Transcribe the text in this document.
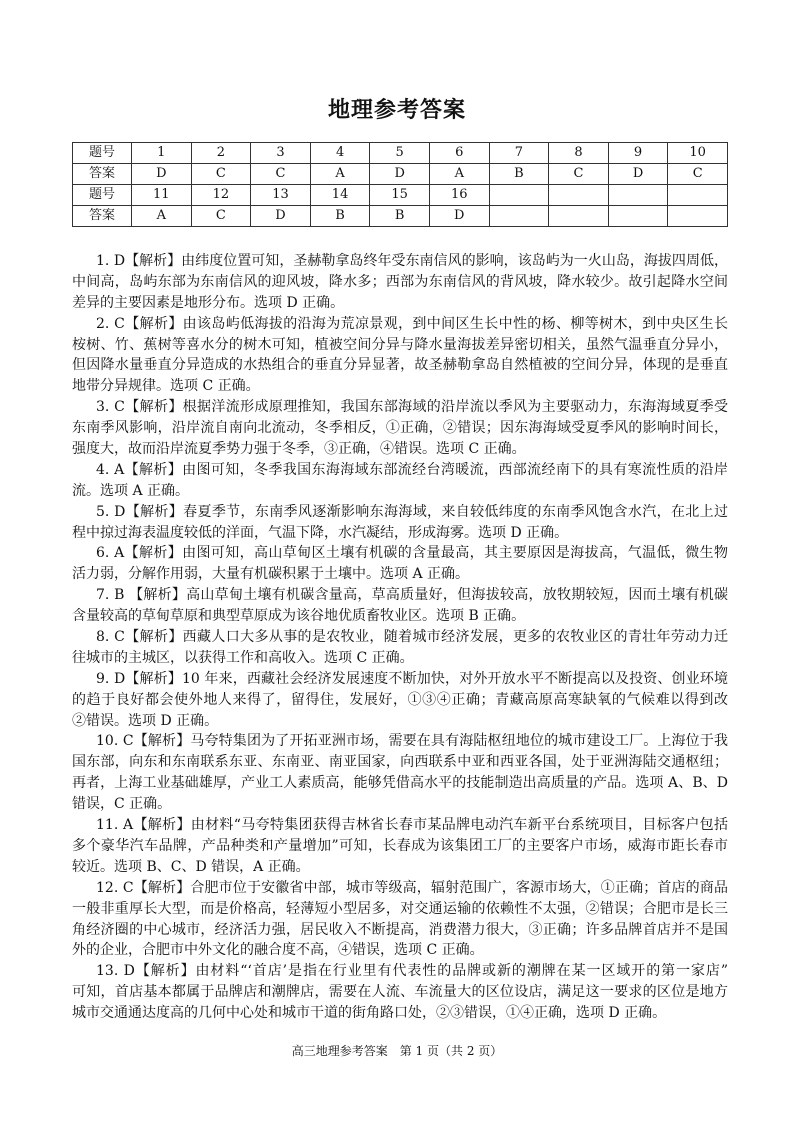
地理参考答案
题号	1	2	3	4	5	6	7	8	9	10
答案	D	C	C	A	D	A	B	C	D	C
题号	11	12	13	14	15	16				
答案	A	C	D	B	B	D				
1. D【解析】由纬度位置可知，圣赫勒拿岛终年受东南信风的影响，该岛屿为一火山岛，海拔四周低，
中间高，岛屿东部为东南信风的迎风坡，降水多；西部为东南信风的背风坡，降水较少。故引起降水空间
差异的主要因素是地形分布。选项 D 正确。
2. C【解析】由该岛屿低海拔的沿海为荒凉景观，到中间区生长中性的杨、柳等树木，到中央区生长
桉树、竹、蕉树等喜水分的树木可知，植被空间分异与降水量海拔差异密切相关，虽然气温垂直分异小，
但因降水量垂直分异造成的水热组合的垂直分异显著，故圣赫勒拿岛自然植被的空间分异，体现的是垂直
地带分异规律。选项 C 正确。
3. C【解析】根据洋流形成原理推知，我国东部海域的沿岸流以季风为主要驱动力，东海海域夏季受
东南季风影响，沿岸流自南向北流动，冬季相反，①正确，②错误；因东海海域受夏季风的影响时间长，
强度大，故而沿岸流夏季势力强于冬季，③正确，④错误。选项 C 正确。
4. A【解析】由图可知，冬季我国东海海域东部流经台湾暖流，西部流经南下的具有寒流性质的沿岸
流。选项 A 正确。
5. D【解析】春夏季节，东南季风逐渐影响东海海域，来自较低纬度的东南季风饱含水汽，在北上过
程中掠过海表温度较低的洋面，气温下降，水汽凝结，形成海雾。选项 D 正确。
6. A【解析】由图可知，高山草甸区土壤有机碳的含量最高，其主要原因是海拔高，气温低，微生物
活力弱，分解作用弱，大量有机碳积累于土壤中。选项 A 正确。
7. B 【解析】高山草甸土壤有机碳含量高，草高质量好，但海拔较高，放牧期较短，因而土壤有机碳
含量较高的草甸草原和典型草原成为该谷地优质畜牧业区。选项 B 正确。
8. C【解析】西藏人口大多从事的是农牧业，随着城市经济发展，更多的农牧业区的青壮年劳动力迁
往城市的主城区，以获得工作和高收入。选项 C 正确。
9. D【解析】10 年来，西藏社会经济发展速度不断加快，对外开放水平不断提高以及投资、创业环境
的趋于良好都会使外地人来得了，留得住，发展好，①③④正确；青藏高原高寒缺氧的气候难以得到改
②错误。选项 D 正确。
10. C【解析】马夸特集团为了开拓亚洲市场，需要在具有海陆枢纽地位的城市建设工厂。上海位于我
国东部，向东和东南联系东亚、东南亚、南亚国家，向西联系中亚和西亚各国，处于亚洲海陆交通枢纽；
再者，上海工业基础雄厚，产业工人素质高，能够凭借高水平的技能制造出高质量的产品。选项 A、B、D
错误，C 正确。
11. A【解析】由材料“马夸特集团获得吉林省长春市某品牌电动汽车新平台系统项目，目标客户包括
多个豪华汽车品牌，产品种类和产量增加”可知，长春成为该集团工厂的主要客户市场，威海市距长春市
较近。选项 B、C、D 错误，A 正确。
12. C【解析】合肥市位于安徽省中部，城市等级高，辐射范围广，客源市场大，①正确；首店的商品
一般非重厚长大型，而是价格高，轻薄短小型居多，对交通运输的依赖性不太强，②错误；合肥市是长三
角经济圈的中心城市，经济活力强，居民收入不断提高，消费潜力很大，③正确；许多品牌首店并不是国
外的企业，合肥市中外文化的融合度不高，④错误，选项 C 正确。
13. D【解析】由材料“‘首店’是指在行业里有代表性的品牌或新的潮牌在某一区域开的第一家店”
可知，首店基本都属于品牌店和潮牌店，需要在人流、车流量大的区位设店，满足这一要求的区位是地方
城市交通通达度高的几何中心处和城市干道的街角路口处，②③错误，①④正确，选项 D 正确。
高三地理参考答案　第 1 页（共 2 页）
